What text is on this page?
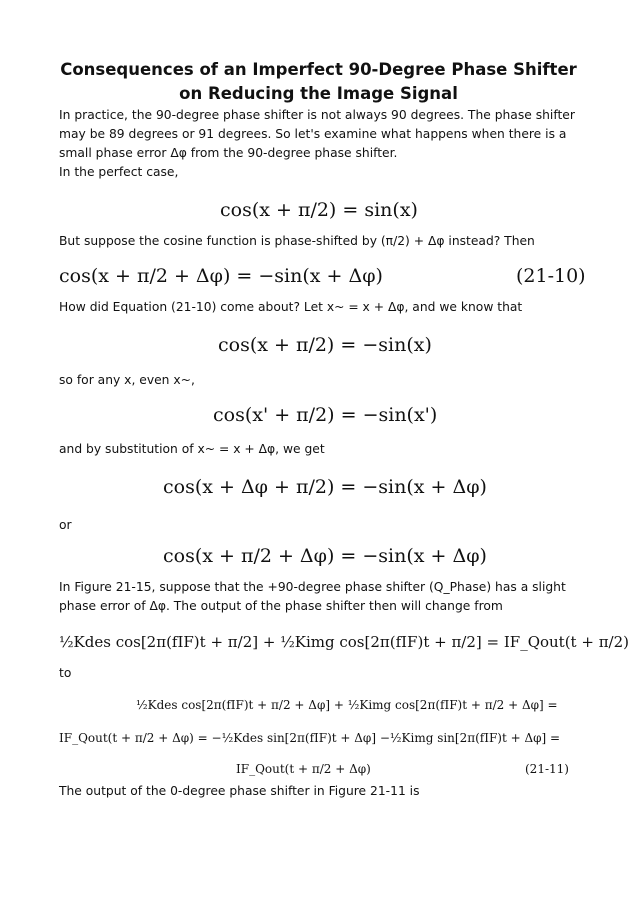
Consequences of an Imperfect 90-Degree Phase Shifter
on Reducing the Image Signal
In practice, the 90-degree phase shifter is not always 90 degrees. The phase shifter may be 89 degrees or 91 degrees. So let's examine what happens when there is a small phase error Δφ from the 90-degree phase shifter.
In the perfect case,
cos(x + π/2) = sin(x)
But suppose the cosine function is phase-shifted by (π/2) + Δφ instead? Then
cos(x + π/2 + Δφ) = −sin(x + Δφ)	(21-10)
How did Equation (21-10) come about? Let x~ = x + Δφ, and we know that
cos(x + π/2) = −sin(x)
so for any x, even x~,
cos(x' + π/2) = −sin(x')
and by substitution of x~ = x + Δφ, we get
cos(x + Δφ + π/2) = −sin(x + Δφ)
or
cos(x + π/2 + Δφ) = −sin(x + Δφ)
In Figure 21-15, suppose that the +90-degree phase shifter (Q_Phase) has a slight phase error of Δφ. The output of the phase shifter then will change from
½Kdes cos[2π(fIF)t + π/2] + ½Kimg cos[2π(fIF)t + π/2] = IF_Qout(t + π/2)
to
½Kdes cos[2π(fIF)t + π/2 + Δφ] + ½Kimg cos[2π(fIF)t + π/2 + Δφ] =
IF_Qout(t + π/2 + Δφ) = −½Kdes sin[2π(fIF)t + Δφ] −½Kimg sin[2π(fIF)t + Δφ] =
IF_Qout(t + π/2 + Δφ)	(21-11)
The output of the 0-degree phase shifter in Figure 21-11 is
